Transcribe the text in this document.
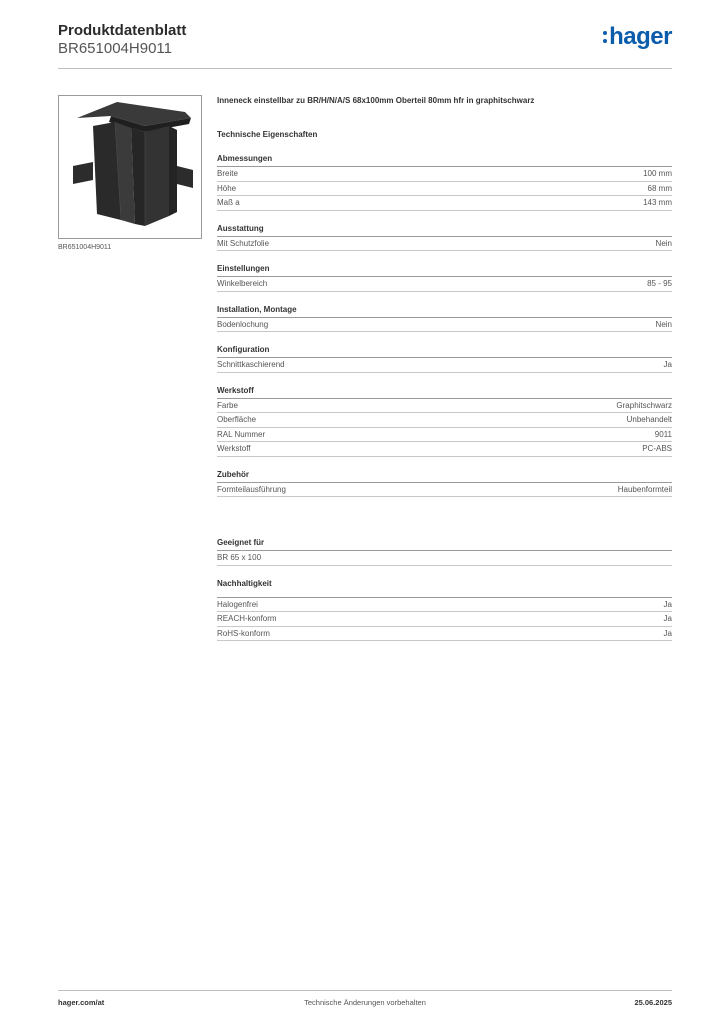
Produktdatenblatt
BR651004H9011	hager
BR651004H9011
Inneneck einstellbar zu BR/H/N/A/S 68x100mm Oberteil 80mm hfr in graphitschwarz
Technische Eigenschaften
Abmessungen
Breite	100 mm
Höhe	68 mm
Maß a	143 mm
Ausstattung
Mit Schutzfolie	Nein
Einstellungen
Winkelbereich	85 - 95
Installation, Montage
Bodenlochung	Nein
Konfiguration
Schnittkaschierend	Ja
Werkstoff
Farbe	Graphitschwarz
Oberfläche	Unbehandelt
RAL Nummer	9011
Werkstoff	PC-ABS
Zubehör
Formteilausführung	Haubenformteil
Geeignet für
BR 65 x 100
Nachhaltigkeit
Halogenfrei	Ja
REACH-konform	Ja
RoHS-konform	Ja
Technische Änderungen vorbehalten
hager.com/at	25.06.2025
